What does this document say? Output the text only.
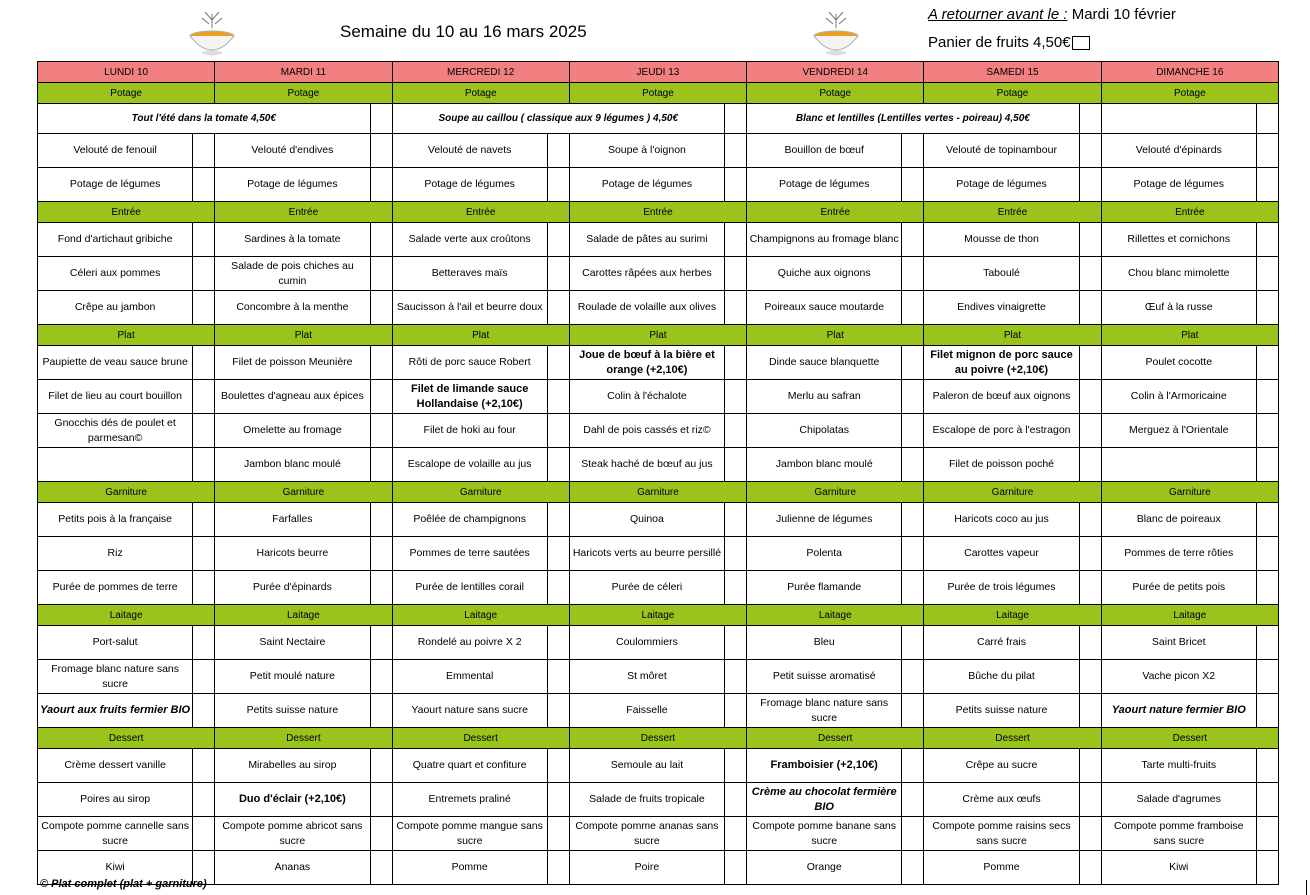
Semaine du 10 au 16 mars 2025
A retourner avant le : Mardi 10 février
Panier de fruits 4,50€
LUNDI 10		MARDI 11		MERCREDI 12		JEUDI 13		VENDREDI 14		SAMEDI 15		DIMANCHE 16	
Potage		Potage		Potage		Potage		Potage		Potage		Potage	
Tout l'été dans la tomate 4,50€				Soupe au caillou ( classique aux 9 légumes ) 4,50€				Blanc et lentilles (Lentilles vertes - poireau) 4,50€					
Velouté de fenouil		Velouté d'endives		Velouté de navets		Soupe à l'oignon		Bouillon de bœuf		Velouté de topinambour		Velouté d'épinards	
Potage de légumes		Potage de légumes		Potage de légumes		Potage de légumes		Potage de légumes		Potage de légumes		Potage de légumes	
Entrée		Entrée		Entrée		Entrée		Entrée		Entrée		Entrée	
Fond d'artichaut gribiche		Sardines à la tomate		Salade verte aux croûtons		Salade de pâtes au surimi		Champignons au fromage blanc		Mousse de thon		Rillettes et cornichons	
Céleri aux pommes		Salade de pois chiches au cumin		Betteraves maïs		Carottes râpées aux herbes		Quiche aux oignons		Taboulé		Chou blanc mimolette	
Crêpe au jambon		Concombre à la menthe		Saucisson à l'ail et beurre doux		Roulade de volaille aux olives		Poireaux sauce moutarde		Endives vinaigrette		Œuf à la russe	
Plat		Plat		Plat		Plat		Plat		Plat		Plat	
Paupiette de veau sauce brune		Filet de poisson Meunière		Rôti de porc sauce Robert		Joue de bœuf à la bière et orange (+2,10€)		Dinde sauce blanquette		Filet mignon de porc sauce au poivre (+2,10€)		Poulet cocotte	
Filet de lieu au court bouillon		Boulettes d'agneau aux épices		Filet de limande sauce Hollandaise (+2,10€)		Colin à l'échalote		Merlu au safran		Paleron de bœuf aux oignons		Colin à l'Armoricaine	
Gnocchis dés de poulet et parmesan©		Omelette au fromage		Filet de hoki au four		Dahl de pois cassés et riz©		Chipolatas		Escalope de porc à l'estragon		Merguez à l'Orientale	
		Jambon blanc moulé		Escalope de volaille au jus		Steak haché de bœuf au jus		Jambon blanc moulé		Filet de poisson poché			
Garniture		Garniture		Garniture		Garniture		Garniture		Garniture		Garniture	
Petits pois à la française		Farfalles		Poêlée de champignons		Quinoa		Julienne de légumes		Haricots coco au jus		Blanc de poireaux	
Riz		Haricots beurre		Pommes de terre sautées		Haricots verts au beurre persillé		Polenta		Carottes vapeur		Pommes de terre rôties	
Purée de pommes de terre		Purée d'épinards		Purée de lentilles corail		Purée de céleri		Purée flamande		Purée de trois légumes		Purée de petits pois	
Laitage		Laitage		Laitage		Laitage		Laitage		Laitage		Laitage	
Port-salut		Saint Nectaire		Rondelé au poivre X 2		Coulommiers		Bleu		Carré frais		Saint Bricet	
Fromage blanc nature sans sucre		Petit moulé nature		Emmental		St môret		Petit suisse aromatisé		Bûche du pilat		Vache picon X2	
Yaourt aux fruits fermier BIO		Petits suisse nature		Yaourt nature sans sucre		Faisselle		Fromage blanc nature sans sucre		Petits suisse nature		Yaourt nature fermier BIO	
Dessert		Dessert		Dessert		Dessert		Dessert		Dessert		Dessert	
Crème dessert vanille		Mirabelles au sirop		Quatre quart et confiture		Semoule au lait		Framboisier (+2,10€)		Crêpe au sucre		Tarte multi-fruits	
Poires au sirop		Duo d'éclair (+2,10€)		Entremets praliné		Salade de fruits tropicale		Crème au chocolat fermière BIO		Crème aux œufs		Salade d'agrumes	
Compote pomme cannelle sans sucre		Compote pomme abricot sans sucre		Compote pomme mangue sans sucre		Compote pomme ananas sans sucre		Compote pomme banane sans sucre		Compote pomme raisins secs sans sucre		Compote pomme framboise sans sucre	
Kiwi		Ananas		Pomme		Poire		Orange		Pomme		Kiwi	
© Plat complet (plat + garniture)
